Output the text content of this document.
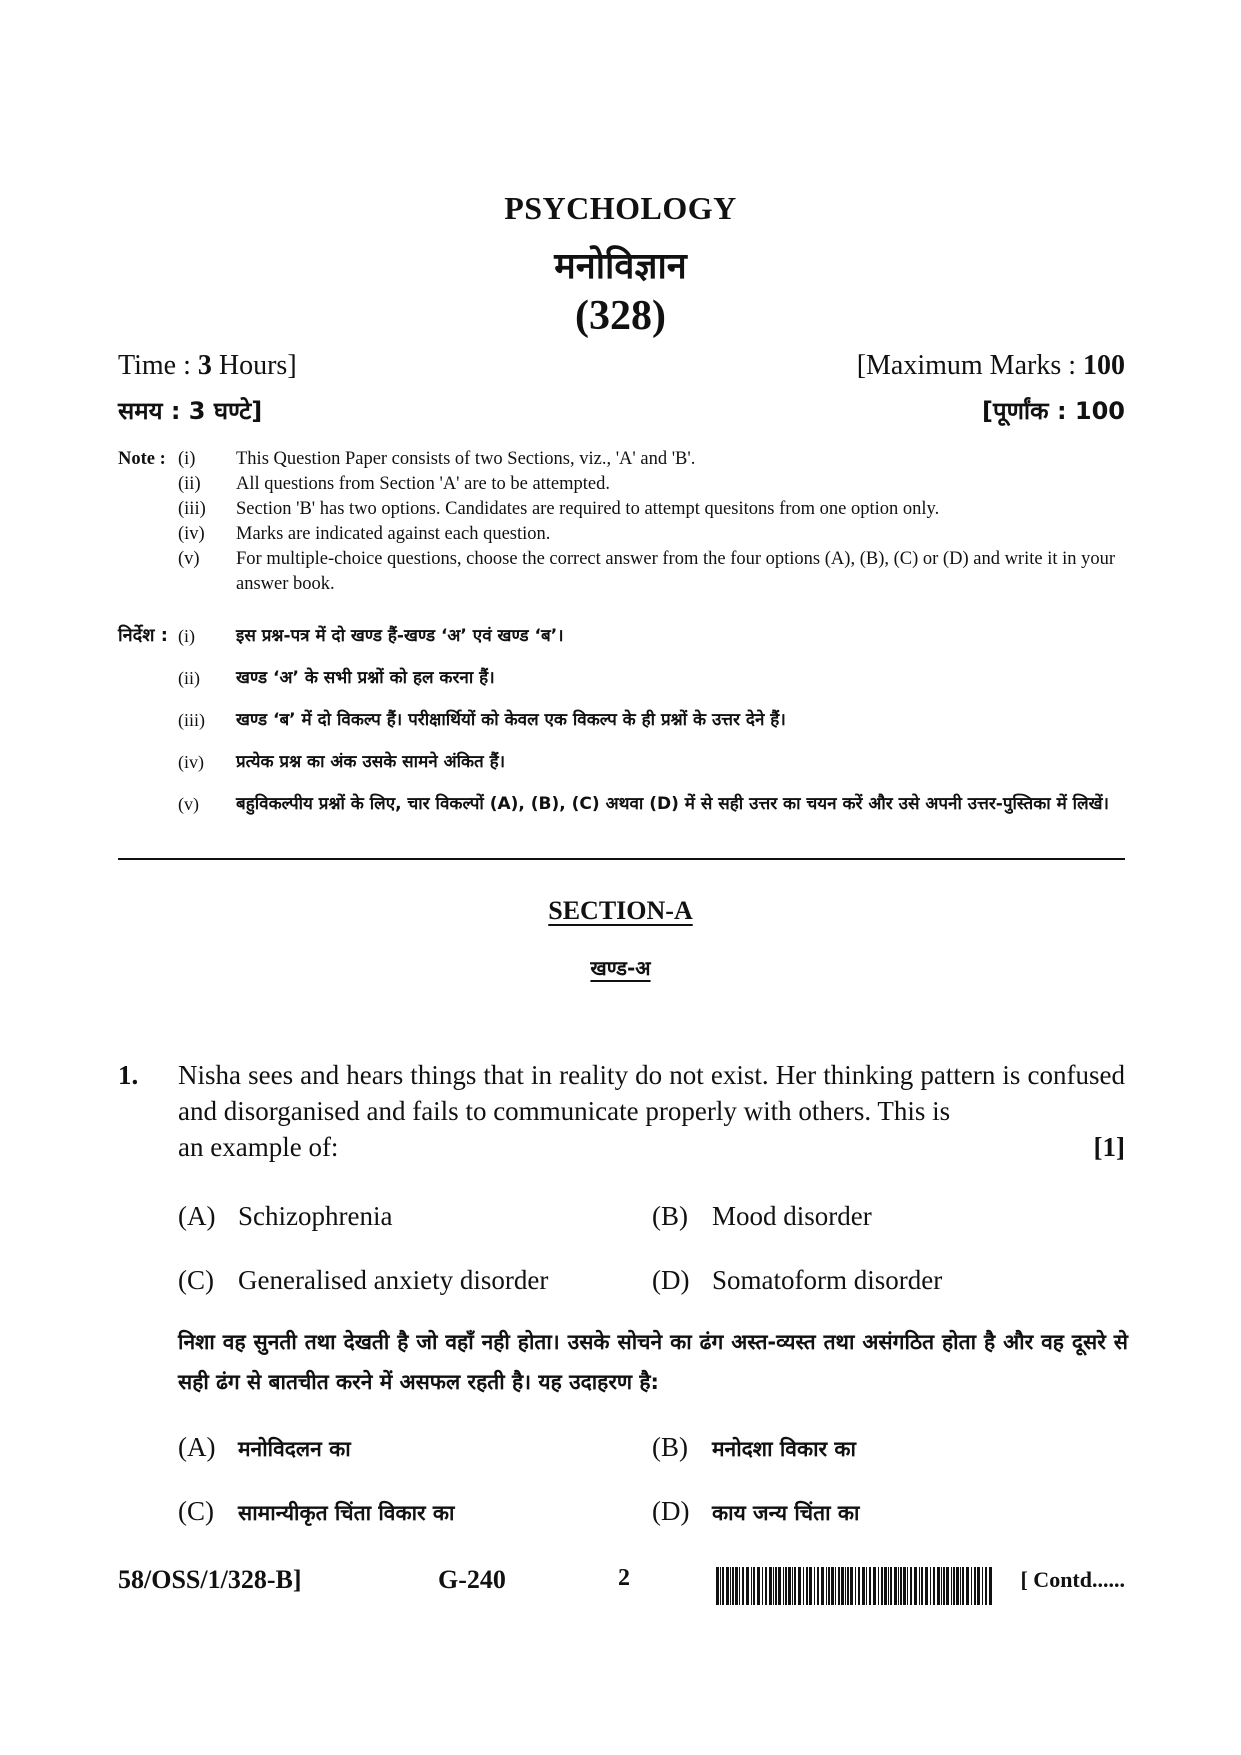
PSYCHOLOGY
मनोविज्ञान
(328)
Time : 3 Hours]	[Maximum Marks : 100
समय : 3 घण्टे]	[पूर्णांक : 100
Note : (i)	This Question Paper consists of two Sections, viz., 'A' and 'B'.
(ii)	All questions from Section 'A' are to be attempted.
(iii)	Section 'B' has two options. Candidates are required to attempt quesitons from one option only.
(iv)	Marks are indicated against each question.
(v)	For multiple-choice questions, choose the correct answer from the four options (A), (B), (C) or (D) and write it in your answer book.
निर्देश : (i)	इस प्रश्न-पत्र में दो खण्ड हैं-खण्ड ‘अ’ एवं खण्ड ‘ब’।
(ii)	खण्ड ‘अ’ के सभी प्रश्नों को हल करना हैं।
(iii)	खण्ड ‘ब’ में दो विकल्प हैं। परीक्षार्थियों को केवल एक विकल्प के ही प्रश्नों के उत्तर देने हैं।
(iv)	प्रत्येक प्रश्न का अंक उसके सामने अंकित हैं।
(v)	बहुविकल्पीय प्रश्नों के लिए, चार विकल्पों (A), (B), (C) अथवा (D) में से सही उत्तर का चयन करें और उसे अपनी उत्तर-पुस्तिका में लिखें।
SECTION-A
खण्ड-अ
1.	Nisha sees and hears things that in reality do not exist. Her thinking pattern is confused and disorganised and fails to communicate properly with others. This is
an example of:	[1]
(A) Schizophrenia	(B) Mood disorder
(C) Generalised anxiety disorder	(D) Somatoform disorder
निशा वह सुनती तथा देखती है जो वहाँ नही होता। उसके सोचने का ढंग अस्त-व्यस्त तथा असंगठित होता है और वह दूसरे से सही ढंग से बातचीत करने में असफल रहती है। यह उदाहरण है:
(A)	मनोविदलन का	(B)	मनोदशा विकार का
(C)	सामान्यीकृत चिंता विकार का	(D)	काय जन्य चिंता का
58/OSS/1/328-B]	G-240	2	[ Contd......
